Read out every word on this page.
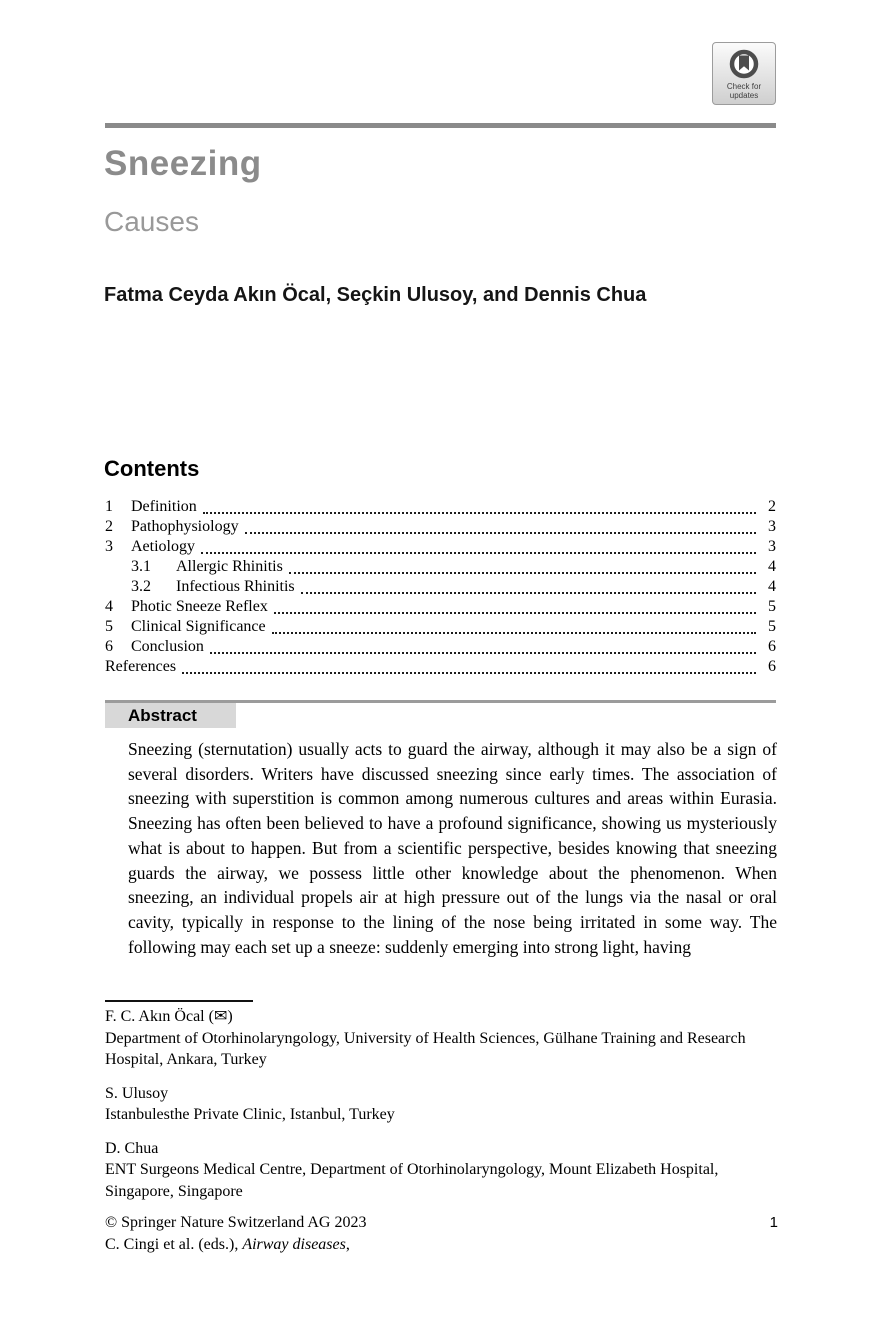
Check for
updates
Sneezing
Causes
Fatma Ceyda Akın Öcal, Seçkin Ulusoy, and Dennis Chua
Contents
1	Definition	2
2	Pathophysiology	3
3	Aetiology	3
3.1	Allergic Rhinitis	4
3.2	Infectious Rhinitis	4
4	Photic Sneeze Reflex	5
5	Clinical Significance	5
6	Conclusion	6
References	6
Abstract
Sneezing (sternutation) usually acts to guard the airway, although it may also be a sign of several disorders. Writers have discussed sneezing since early times. The association of sneezing with superstition is common among numerous cultures and areas within Eurasia. Sneezing has often been believed to have a profound significance, showing us mysteriously what is about to happen. But from a scientific perspective, besides knowing that sneezing guards the airway, we possess little other knowledge about the phenomenon. When sneezing, an individual propels air at high pressure out of the lungs via the nasal or oral cavity, typically in response to the lining of the nose being irritated in some way. The following may each set up a sneeze: suddenly emerging into strong light, having
F. C. Akın Öcal (✉)
Department of Otorhinolaryngology, University of Health Sciences, Gülhane Training and Research Hospital, Ankara, Turkey
S. Ulusoy
Istanbulesthe Private Clinic, Istanbul, Turkey
D. Chua
ENT Surgeons Medical Centre, Department of Otorhinolaryngology, Mount Elizabeth Hospital, Singapore, Singapore
© Springer Nature Switzerland AG 2023
C. Cingi et al. (eds.), Airway diseases,
1
